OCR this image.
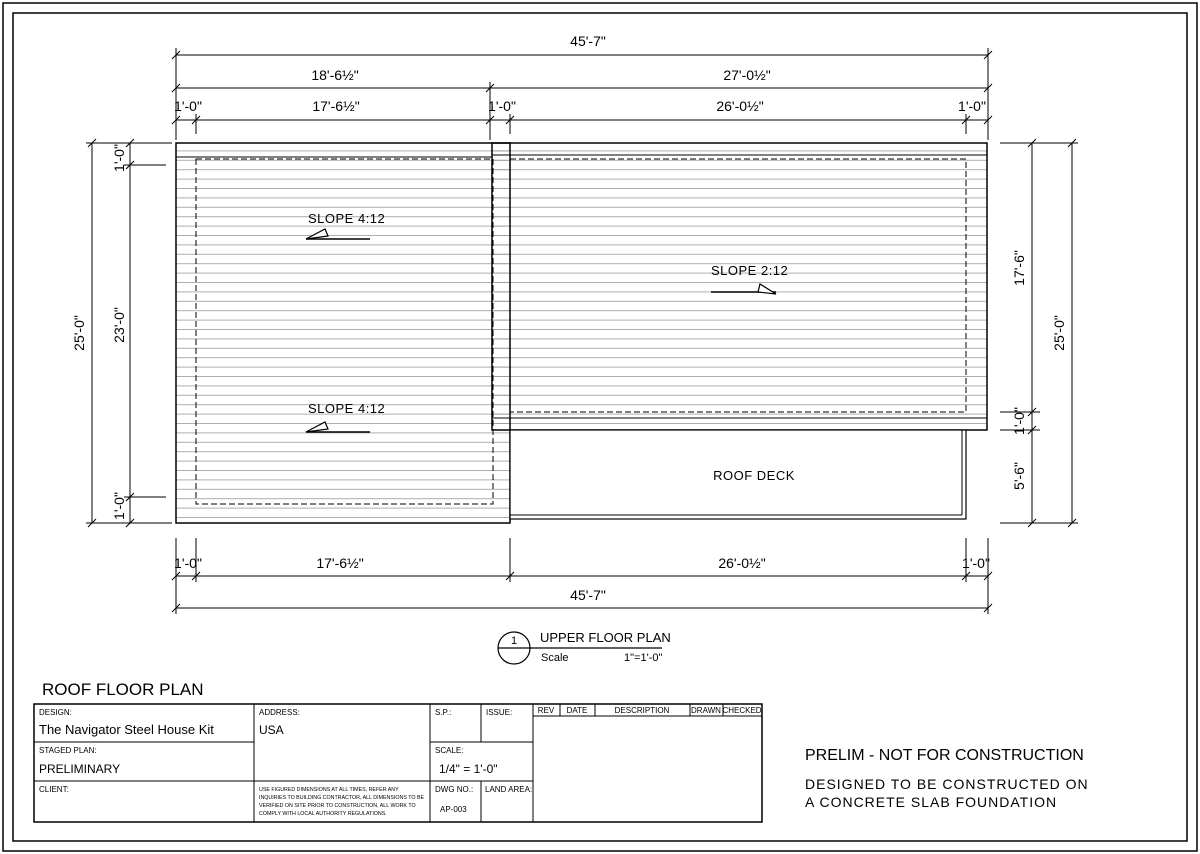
ROOF DECK
SLOPE 4:12
SLOPE 4:12
SLOPE 2:12
45'-7"
18'-6½"	27'-0½"
1'-0"	17'-6½"	1'-0"	26'-0½"	1'-0"
1'-0"	17'-6½"	26'-0½"	1'-0"
45'-7"
25'-0"
1'-0"
23'-0"
1'-0"
17'-6"
1'-0"
5'-6"
25'-0"
1 UPPER FLOOR PLAN
Scale	1"=1'-0"
ROOF FLOOR PLAN
DESIGN:
The Navigator Steel House Kit
STAGED PLAN:
PRELIMINARY
CLIENT:
ADDRESS:
USA
USE FIGURED DIMENSIONS AT ALL TIMES, REFER ANY
INQUIRIES TO BUILDING CONTRACTOR, ALL DIMENSIONS TO BE
VERIFIED ON SITE PRIOR TO CONSTRUCTION, ALL WORK TO
COMPLY WITH LOCAL AUTHORITY REGULATIONS.
S.P.:	ISSUE:
SCALE:
1/4" = 1'-0"
DWG NO.:
AP-003
LAND AREA:
REV DATE	DESCRIPTION	DRAWN CHECKED
PRELIM - NOT FOR CONSTRUCTION
DESIGNED TO BE CONSTRUCTED ON
A CONCRETE SLAB FOUNDATION
